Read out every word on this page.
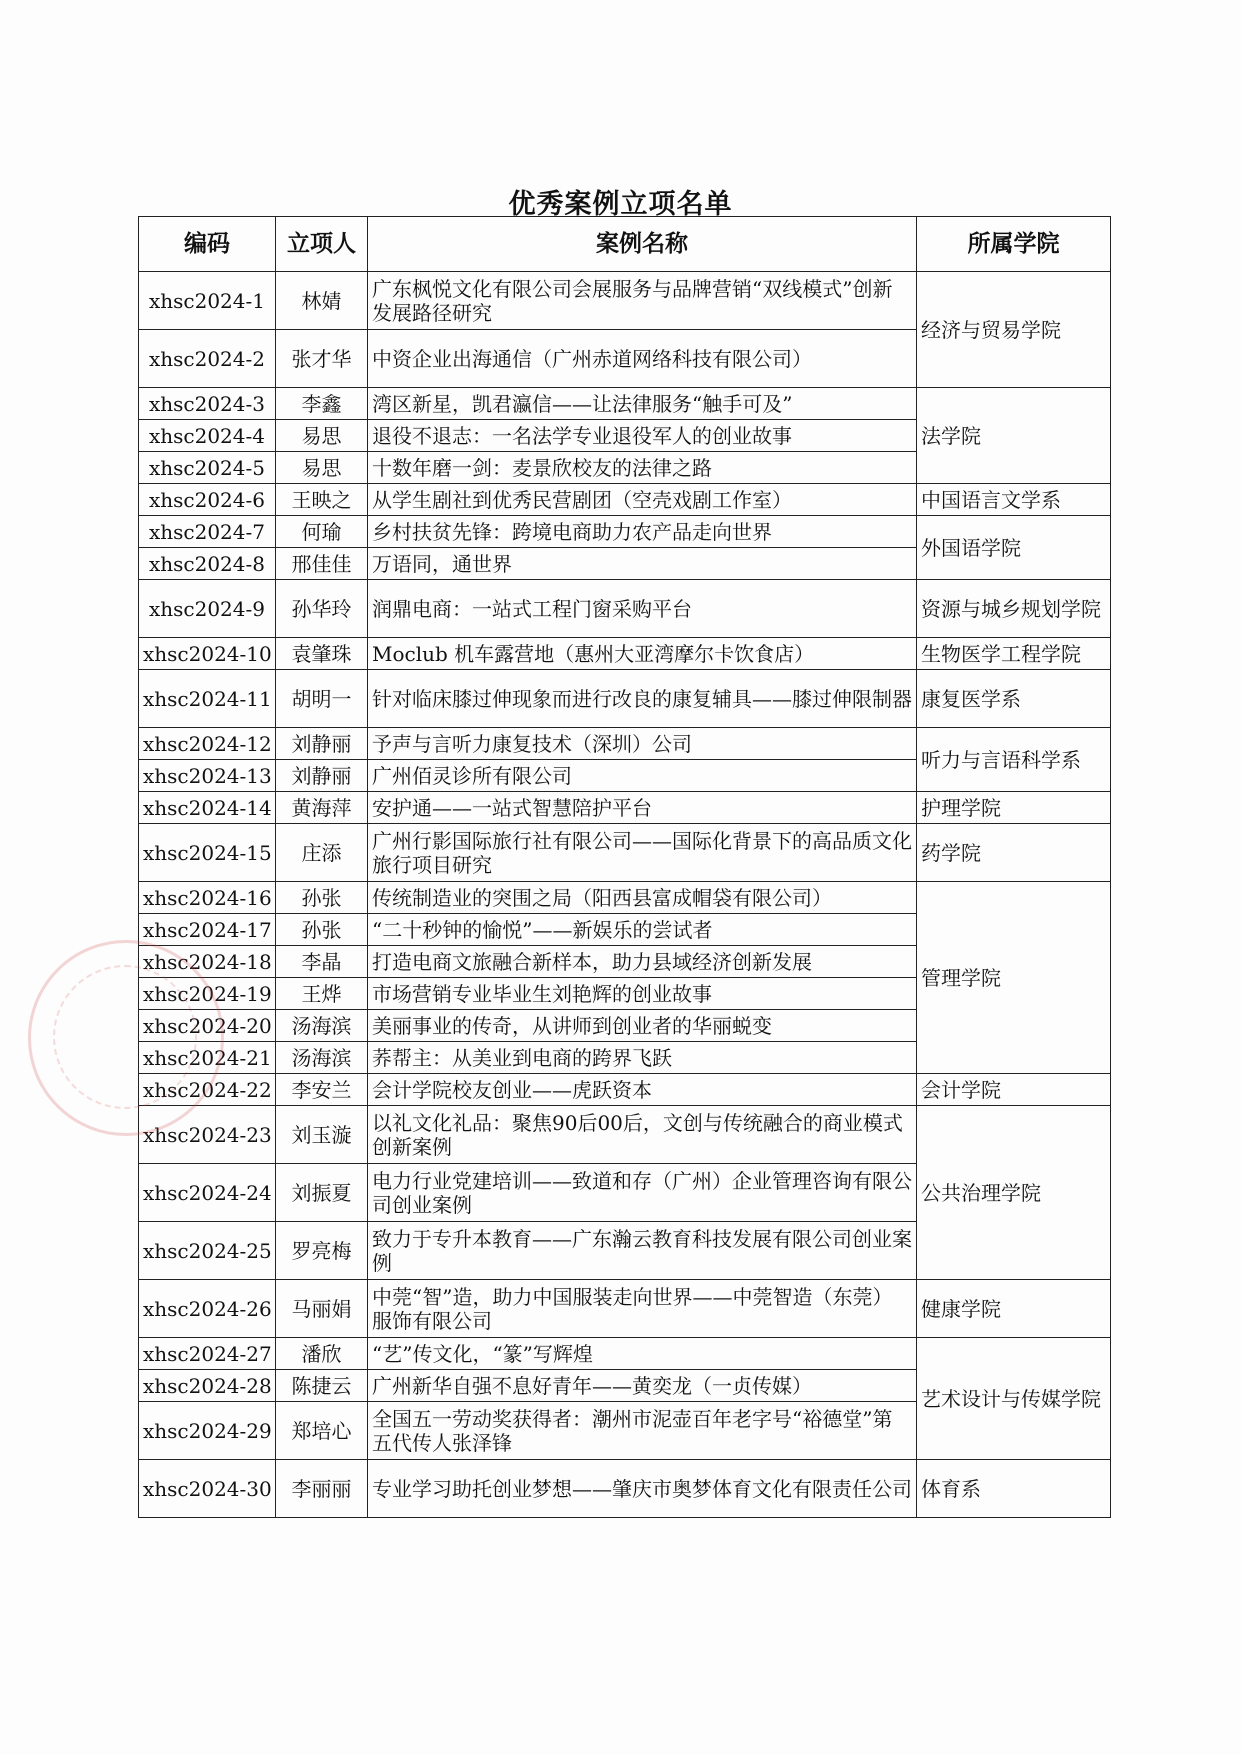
优秀案例立项名单
编码	立项人	案例名称	所属学院
xhsc2024-1	林婧	广东枫悦文化有限公司会展服务与品牌营销“双线模式”创新发展路径研究	经济与贸易学院
xhsc2024-2	张才华	中资企业出海通信（广州赤道网络科技有限公司）	
xhsc2024-3	李鑫	湾区新星，凯君瀛信——让法律服务“触手可及”	法学院
xhsc2024-4	易思	退役不退志：一名法学专业退役军人的创业故事	
xhsc2024-5	易思	十数年磨一剑：麦景欣校友的法律之路	
xhsc2024-6	王映之	从学生剧社到优秀民营剧团（空壳戏剧工作室）	中国语言文学系
xhsc2024-7	何瑜	乡村扶贫先锋：跨境电商助力农产品走向世界	外国语学院
xhsc2024-8	邢佳佳	万语同，通世界	
xhsc2024-9	孙华玲	润鼎电商：一站式工程门窗采购平台	资源与城乡规划学院
xhsc2024-10	袁肇珠	Moclub 机车露营地（惠州大亚湾摩尔卡饮食店）	生物医学工程学院
xhsc2024-11	胡明一	针对临床膝过伸现象而进行改良的康复辅具——膝过伸限制器	康复医学系
xhsc2024-12	刘静丽	予声与言听力康复技术（深圳）公司	听力与言语科学系
xhsc2024-13	刘静丽	广州佰灵诊所有限公司	
xhsc2024-14	黄海萍	安护通——一站式智慧陪护平台	护理学院
xhsc2024-15	庄添	广州行影国际旅行社有限公司——国际化背景下的高品质文化旅行项目研究	药学院
xhsc2024-16	孙张	传统制造业的突围之局（阳西县富成帽袋有限公司）	管理学院
xhsc2024-17	孙张	“二十秒钟的愉悦”——新娱乐的尝试者	
xhsc2024-18	李晶	打造电商文旅融合新样本，助力县域经济创新发展	
xhsc2024-19	王烨	市场营销专业毕业生刘艳辉的创业故事	
xhsc2024-20	汤海滨	美丽事业的传奇，从讲师到创业者的华丽蜕变	
xhsc2024-21	汤海滨	荞帮主：从美业到电商的跨界飞跃	
xhsc2024-22	李安兰	会计学院校友创业——虎跃资本	会计学院
xhsc2024-23	刘玉漩	以礼文化礼品：聚焦90后00后，文创与传统融合的商业模式创新案例	公共治理学院
xhsc2024-24	刘振夏	电力行业党建培训——致道和存（广州）企业管理咨询有限公司创业案例	
xhsc2024-25	罗亮梅	致力于专升本教育——广东瀚云教育科技发展有限公司创业案例	
xhsc2024-26	马丽娟	中莞“智”造，助力中国服装走向世界——中莞智造（东莞）服饰有限公司	健康学院
xhsc2024-27	潘欣	“艺”传文化，“篆”写辉煌	艺术设计与传媒学院
xhsc2024-28	陈捷云	广州新华自强不息好青年——黄奕龙（一贞传媒）	
xhsc2024-29	郑培心	全国五一劳动奖获得者：潮州市泥壶百年老字号“裕德堂”第五代传人张泽锋	
xhsc2024-30	李丽丽	专业学习助托创业梦想——肇庆市奥梦体育文化有限责任公司	体育系
